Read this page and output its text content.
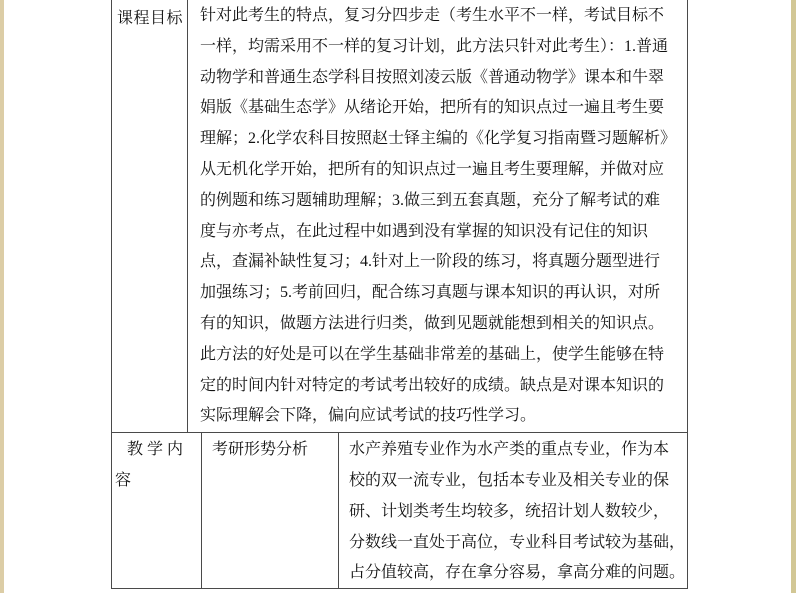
课程目标	针对此考生的特点，复习分四步走（考生水平不一样，考试目标不
一样，均需采用不一样的复习计划，此方法只针对此考生）：1.普通
动物学和普通生态学科目按照刘凌云版《普通动物学》课本和牛翠
娟版《基础生态学》从绪论开始，把所有的知识点过一遍且考生要
理解；2.化学农科目按照赵士铎主编的《化学复习指南暨习题解析》
从无机化学开始，把所有的知识点过一遍且考生要理解，并做对应
的例题和练习题辅助理解；3.做三到五套真题，充分了解考试的难
度与亦考点，在此过程中如遇到没有掌握的知识没有记住的知识
点，查漏补缺性复习；4.针对上一阶段的练习，将真题分题型进行
加强练习；5.考前回归，配合练习真题与课本知识的再认识，对所
有的知识，做题方法进行归类，做到见题就能想到相关的知识点。
此方法的好处是可以在学生基础非常差的基础上，使学生能够在特
定的时间内针对特定的考试考出较好的成绩。缺点是对课本知识的
实际理解会下降，偏向应试考试的技巧性学习。
教 学 内
容
考研形势分析	水产养殖专业作为水产类的重点专业，作为本
校的双一流专业，包括本专业及相关专业的保
研、计划类考生均较多，统招计划人数较少，
分数线一直处于高位，专业科目考试较为基础，
占分值较高，存在拿分容易，拿高分难的问题。
